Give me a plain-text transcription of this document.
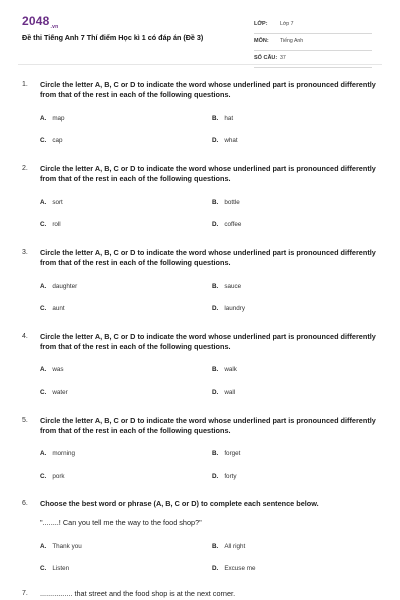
$2048_{.vn}$
Đề thi Tiếng Anh 7 Thí điểm Học kì 1 có đáp án (Đề 3)
LỚP: Lớp 7
MÔN: Tiếng Anh
SỐ CÂU: 37
1. Circle the letter A, B, C or D to indicate the word whose underlined part is pronounced differently from that of the rest in each of the following questions.
A. map	B. hat
C. cap	D. what
2. Circle the letter A, B, C or D to indicate the word whose underlined part is pronounced differently from that of the rest in each of the following questions.
A. sort	B. bottle
C. roll	D. coffee
3. Circle the letter A, B, C or D to indicate the word whose underlined part is pronounced differently from that of the rest in each of the following questions.
A. daughter	B. sauce
C. aunt	D. laundry
4. Circle the letter A, B, C or D to indicate the word whose underlined part is pronounced differently from that of the rest in each of the following questions.
A. was	B. walk
C. water	D. wall
5. Circle the letter A, B, C or D to indicate the word whose underlined part is pronounced differently from that of the rest in each of the following questions.
A. morning	B. forget
C. pork	D. forty
6. Choose the best word or phrase (A, B, C or D) to complete each sentence below.
"........! Can you tell me the way to the food shop?"
A. Thank you	B. All right
C. Listen	D. Excuse me
7. ................ that street and the food shop is at the next corner.
